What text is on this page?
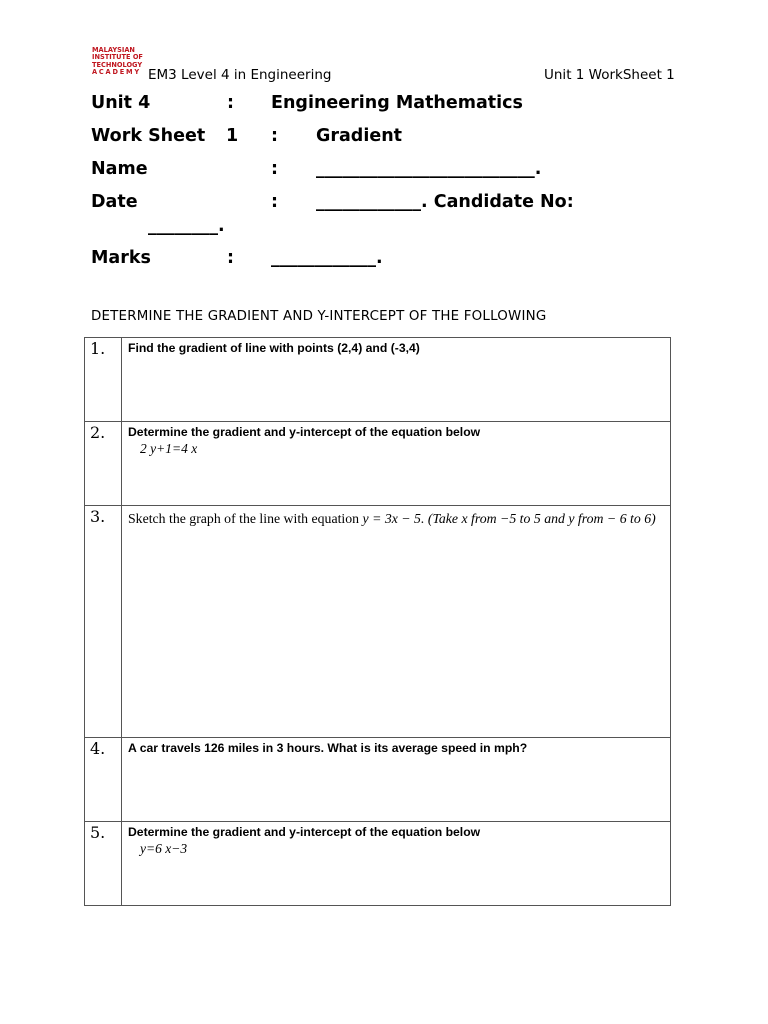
MALAYSIAN
INSTITUTE OF
TECHNOLOGY
ACADEMY EM3 Level 4 in Engineering	Unit 1 WorkSheet 1
Unit 4	: Engineering Mathematics
Work Sheet 1 : Gradient
Name	: _________________________.
Date	: ____________. Candidate No:
________.
Marks	: ____________.
DETERMINE THE GRADIENT AND Y-INTERCEPT OF THE FOLLOWING
1.	Find the gradient of line with points (2,4) and (-3,4)

2.	Determine the gradient and y-intercept of the equation below
2 y+1=4 x

3.	Sketch the graph of the line with equation y = 3x − 5. (Take x from −5 to 5 and y from − 6 to 6)

4.	A car travels 126 miles in 3 hours. What is its average speed in mph?

5.	Determine the gradient and y-intercept of the equation below
y=6 x−3
